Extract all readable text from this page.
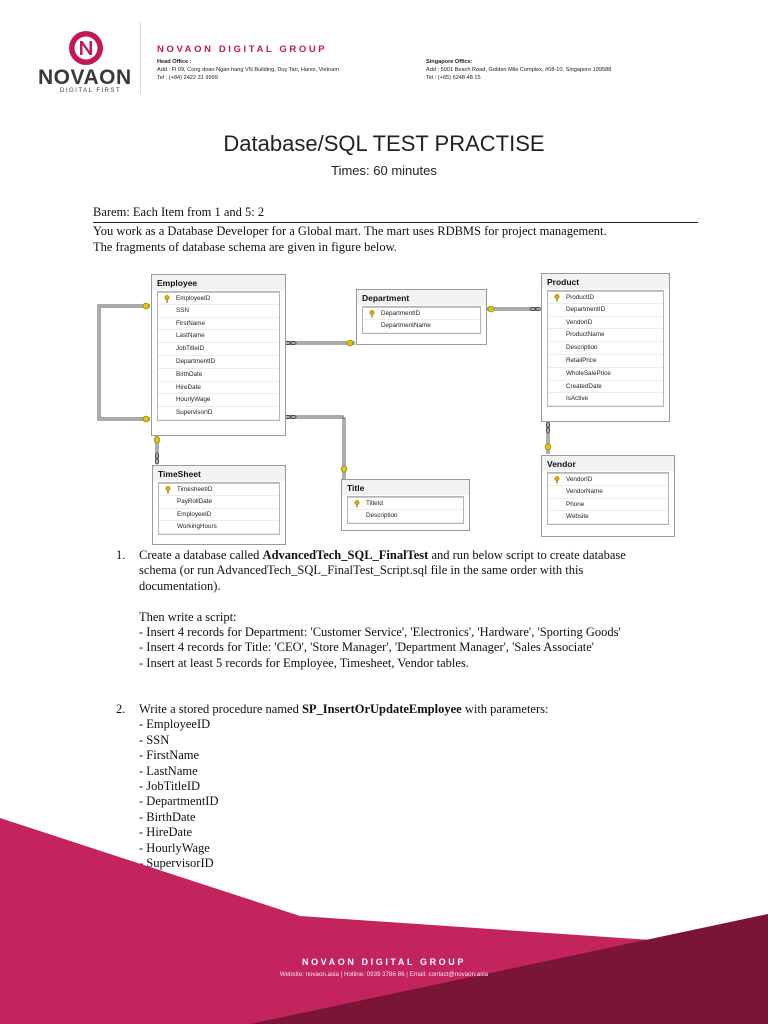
NOVAON
DIGITAL FIRST
NOVAON DIGITAL GROUP
Head Office :
Add : Fl 09, Cong doan Ngan hang VN Building, Duy Tan, Hanoi, Vietnam
Tel : (+84) 2422 31 9999
Singapore Office:
Add : 5001 Beach Road, Golden Mile Complex, #08-10, Singapore 199588
Tel : (+65) 6248 48 15
Database/SQL TEST PRACTISE
Times: 60 minutes
Barem: Each Item from 1 and 5: 2
You work as a Database Developer for a Global mart. The mart uses RDBMS for project management.
The fragments of database schema are given in figure below.
Employee
EmployeeID
SSN
FirstName
LastName
JobTitleID
DepartmentID
BirthDate
HireDate
HourlyWage
SupervisorID
Department
DepartmentID
DepartmentName
Product
ProductID
DepartmentID
VendorID
ProductName
Description
RetailPrice
WholeSalePrice
CreatedDate
IsActive
TimeSheet
TimesheetID
PayRollDate
EmployeeID
WorkingHours
Title
TitleId
Description
Vendor
VendorID
VendorName
Phone
Website
1. Create a database called AdvancedTech_SQL_FinalTest and run below script to create database
schema (or run AdvancedTech_SQL_FinalTest_Script.sql file in the same order with this
documentation).

Then write a script:
- Insert 4 records for Department: 'Customer Service', 'Electronics', 'Hardware', 'Sporting Goods'
- Insert 4 records for Title: 'CEO', 'Store Manager', 'Department Manager', 'Sales Associate'
- Insert at least 5 records for Employee, Timesheet, Vendor tables.
2. Write a stored procedure named SP_InsertOrUpdateEmployee with parameters:
- EmployeeID
- SSN
- FirstName
- LastName
- JobTitleID
- DepartmentID
- BirthDate
- HireDate
- HourlyWage
- SupervisorID
NOVAON DIGITAL GROUP
Website: novaon.asia | Hotline: 0939 3786 86 | Email: contact@novaon.asia
